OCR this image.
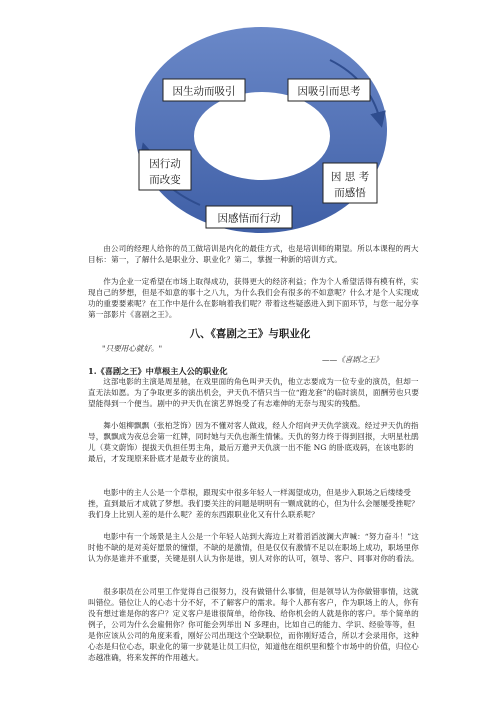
因生动而吸引	因吸引而思考
因行动
而改变	因 思 考
而感悟
因感悟而行动

由公司的经理人给你的员工做培训是内化的最佳方式，也是培训师的期望。所以本课程的两大目标：第一，了解什么是职业分、职业化？第二，掌握一种新的培训方式。

作为企业一定希望在市场上取得成功，获得更大的经济利益；作为个人希望活得有模有样，实现自己的梦想，但是不如意的事十之八九，为什么我们会有很多的不如意呢？什么才是个人实现成功的重要要素呢？在工作中是什么在影响着我们呢？带着这些疑惑进入到下面环节，与您一起分享第一部影片《喜剧之王》。

八、《喜剧之王》与职业化

"只要用心就好。"

——《喜剧之王》

1.《喜剧之王》中草根主人公的职业化

这部电影的主演是周星驰，在戏里面的角色叫尹天仇，他立志要成为一位专业的演员，但却一直无法如愿。为了争取更多的演出机会，尹天仇不惜只当一位“跑龙套”的临时演员，面酬劳也只要望能得到一个便当。剧中的尹天仇在演艺界饱受了有志难伸的无奈与现实的残酷。

舞小姐柳飘飘（张柏芝饰）因为不懂对客人做戏，经人介绍向尹天仇学演戏。经过尹天仇的指导，飘飘成为夜总会第一红牌，同时她与天仇也渐生情愫。天仇的努力终于得到回报，大明星杜鹃儿（莫文蔚饰）提拔天仇担任男主角，最后万邀尹天仇演一出不能 NG 的卧底戏码，在该电影的最后，才发现原来卧底才是最专业的演员。

电影中的主人公是一个草根，跟现实中很多年轻人一样渴望成功，但是步入职场之后缕缕受挫，直到最后才成就了梦想。我们要关注的问题是明明有一颗成就的心，但为什么会屡屡受挫呢？我们身上比别人差的是什么呢？差的东西跟职业化又有什么联系呢？

电影中有一个场景是主人公是一个年轻人站到大海边上对着滔滔波澜大声喊：“努力奋斗！”这时他不缺的是对美好愿景的憧憬，不缺的是激情，但是仅仅有激情不足以在职场上成功，职场里你认为你是谁并不重要，关键是别人认为你是谁，别人对你的认可，领导、客户、同事对你的看法。

很多职员在公司里工作觉得自己很努力，没有做错什么事情，但是领导认为你做错事情，这就叫错位。错位让人的心态十分不好，不了解客户的需求。每个人都有客户，作为职场上的人，你有没有想过谁是你的客户？定义客户是谁很简单，给你钱、给你机会的人就是你的客户。举个简单的例子，公司为什么会雇佣你？你可能会列举出 N 多理由，比如自己的能力、学识、经验等等，但是你应该从公司的角度来看，刚好公司出现这个空缺职位，而你刚好适合，所以才会录用你，这种心态是归位心态，职业化的第一步就是让员工归位，知道他在组织里和整个市场中的价值，归位心态越准确，将来发挥的作用越大。
